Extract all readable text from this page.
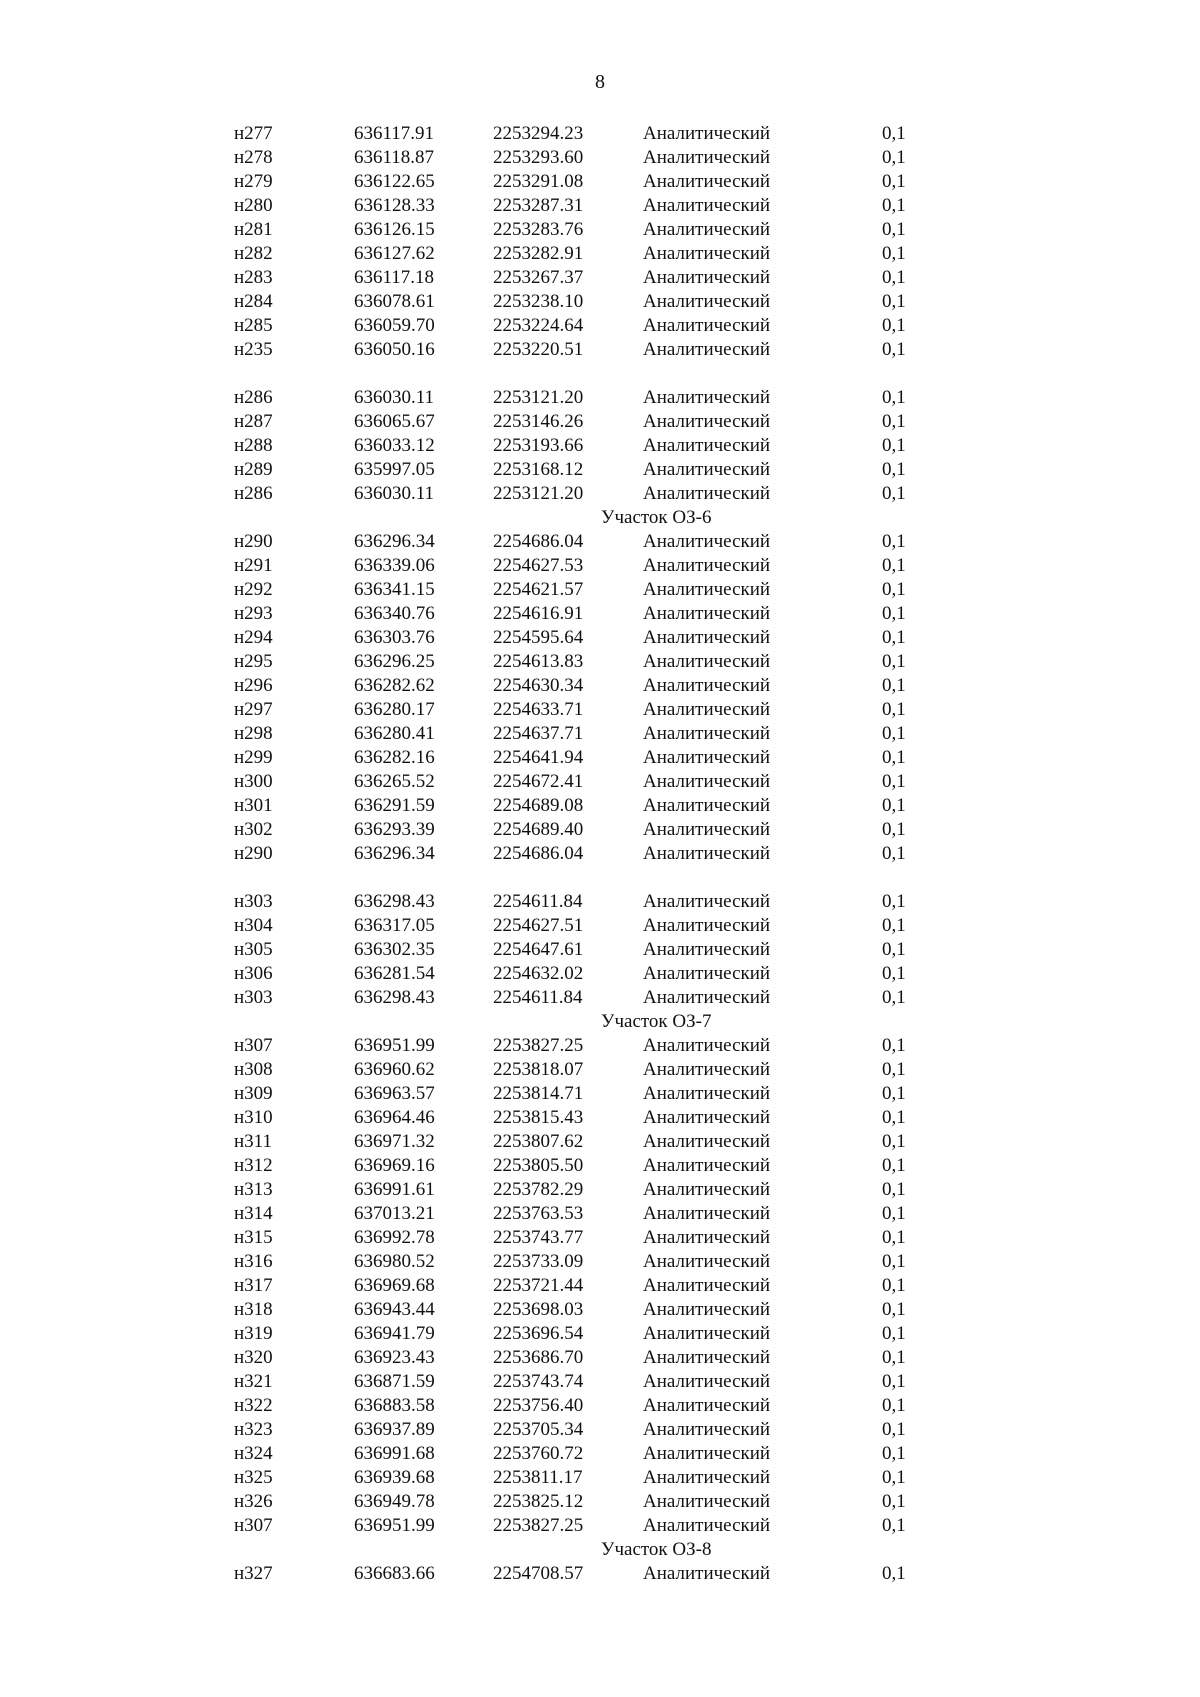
8
н277	636117.91	2253294.23	Аналитический	0,1
н278	636118.87	2253293.60	Аналитический	0,1
н279	636122.65	2253291.08	Аналитический	0,1
н280	636128.33	2253287.31	Аналитический	0,1
н281	636126.15	2253283.76	Аналитический	0,1
н282	636127.62	2253282.91	Аналитический	0,1
н283	636117.18	2253267.37	Аналитический	0,1
н284	636078.61	2253238.10	Аналитический	0,1
н285	636059.70	2253224.64	Аналитический	0,1
н235	636050.16	2253220.51	Аналитический	0,1
н286	636030.11	2253121.20	Аналитический	0,1
н287	636065.67	2253146.26	Аналитический	0,1
н288	636033.12	2253193.66	Аналитический	0,1
н289	635997.05	2253168.12	Аналитический	0,1
н286	636030.11	2253121.20	Аналитический	0,1
Участок ОЗ-6
н290	636296.34	2254686.04	Аналитический	0,1
н291	636339.06	2254627.53	Аналитический	0,1
н292	636341.15	2254621.57	Аналитический	0,1
н293	636340.76	2254616.91	Аналитический	0,1
н294	636303.76	2254595.64	Аналитический	0,1
н295	636296.25	2254613.83	Аналитический	0,1
н296	636282.62	2254630.34	Аналитический	0,1
н297	636280.17	2254633.71	Аналитический	0,1
н298	636280.41	2254637.71	Аналитический	0,1
н299	636282.16	2254641.94	Аналитический	0,1
н300	636265.52	2254672.41	Аналитический	0,1
н301	636291.59	2254689.08	Аналитический	0,1
н302	636293.39	2254689.40	Аналитический	0,1
н290	636296.34	2254686.04	Аналитический	0,1
н303	636298.43	2254611.84	Аналитический	0,1
н304	636317.05	2254627.51	Аналитический	0,1
н305	636302.35	2254647.61	Аналитический	0,1
н306	636281.54	2254632.02	Аналитический	0,1
н303	636298.43	2254611.84	Аналитический	0,1
Участок ОЗ-7
н307	636951.99	2253827.25	Аналитический	0,1
н308	636960.62	2253818.07	Аналитический	0,1
н309	636963.57	2253814.71	Аналитический	0,1
н310	636964.46	2253815.43	Аналитический	0,1
н311	636971.32	2253807.62	Аналитический	0,1
н312	636969.16	2253805.50	Аналитический	0,1
н313	636991.61	2253782.29	Аналитический	0,1
н314	637013.21	2253763.53	Аналитический	0,1
н315	636992.78	2253743.77	Аналитический	0,1
н316	636980.52	2253733.09	Аналитический	0,1
н317	636969.68	2253721.44	Аналитический	0,1
н318	636943.44	2253698.03	Аналитический	0,1
н319	636941.79	2253696.54	Аналитический	0,1
н320	636923.43	2253686.70	Аналитический	0,1
н321	636871.59	2253743.74	Аналитический	0,1
н322	636883.58	2253756.40	Аналитический	0,1
н323	636937.89	2253705.34	Аналитический	0,1
н324	636991.68	2253760.72	Аналитический	0,1
н325	636939.68	2253811.17	Аналитический	0,1
н326	636949.78	2253825.12	Аналитический	0,1
н307	636951.99	2253827.25	Аналитический	0,1
Участок ОЗ-8
н327	636683.66	2254708.57	Аналитический	0,1
